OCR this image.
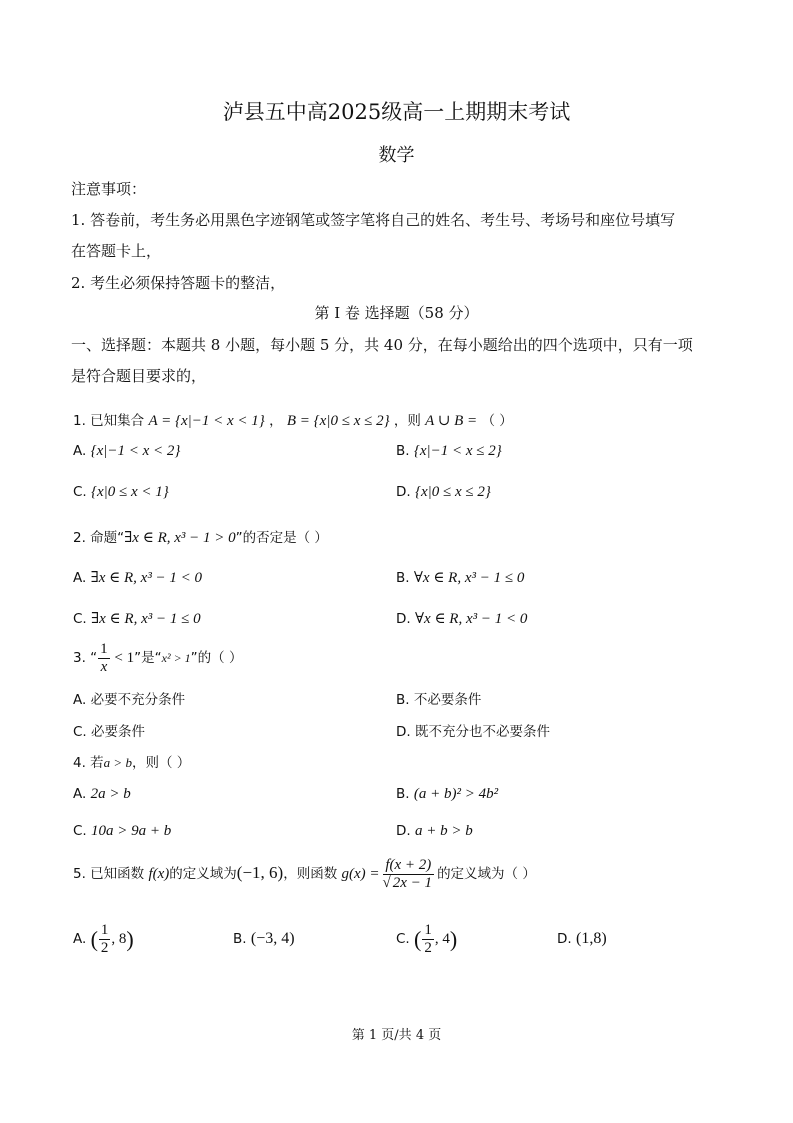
泸县五中高2025级高一上期期末考试
数学
注意事项：
1. 答卷前，考生务必用黑色字迹钢笔或签字笔将自己的姓名、考生号、考场号和座位号填写
在答题卡上，
2. 考生必须保持答题卡的整洁，
第 I 卷 选择题（58 分）
一、选择题：本题共 8 小题，每小题 5 分，共 40 分，在每小题给出的四个选项中，只有一项
是符合题目要求的，
1. 已知集合 A = {x|−1 < x < 1} ， B = {x|0 ≤ x ≤ 2} ，则 A ∪ B = （ ）
A. {x|−1 < x < 2}	B. {x|−1 < x ≤ 2}
C. {x|0 ≤ x < 1}	D. {x|0 ≤ x ≤ 2}
2. 命题“∃x ∈ R, x³ − 1 > 0”的否定是（ ）
A. ∃x ∈ R, x³ − 1 < 0	B. ∀x ∈ R, x³ − 1 ≤ 0
C. ∃x ∈ R, x³ − 1 ≤ 0	D. ∀x ∈ R, x³ − 1 < 0
3. “ $\frac{1}{x} < 1$”是“x² > 1”的（ ）
A. 必要不充分条件	B. 不必要条件
C. 必要条件	D. 既不充分也不必要条件
4. 若a > b，则（ ）
A. 2a > b	B. (a + b)² > 4b²
C. 10a > 9a + b	D. a + b > b
5. 已知函数 f(x)的定义域为(−1, 6)，则函数 $g(x) = \frac{f(x + 2)}{√ 2x - 1}$ 的定义域为（ ）
A. ( $\frac{1}{2}$ , 8)	B. (−3, 4)	C. ( $\frac{1}{2}$ , 4)	D. (1,8)
第 1 页/共 4 页
